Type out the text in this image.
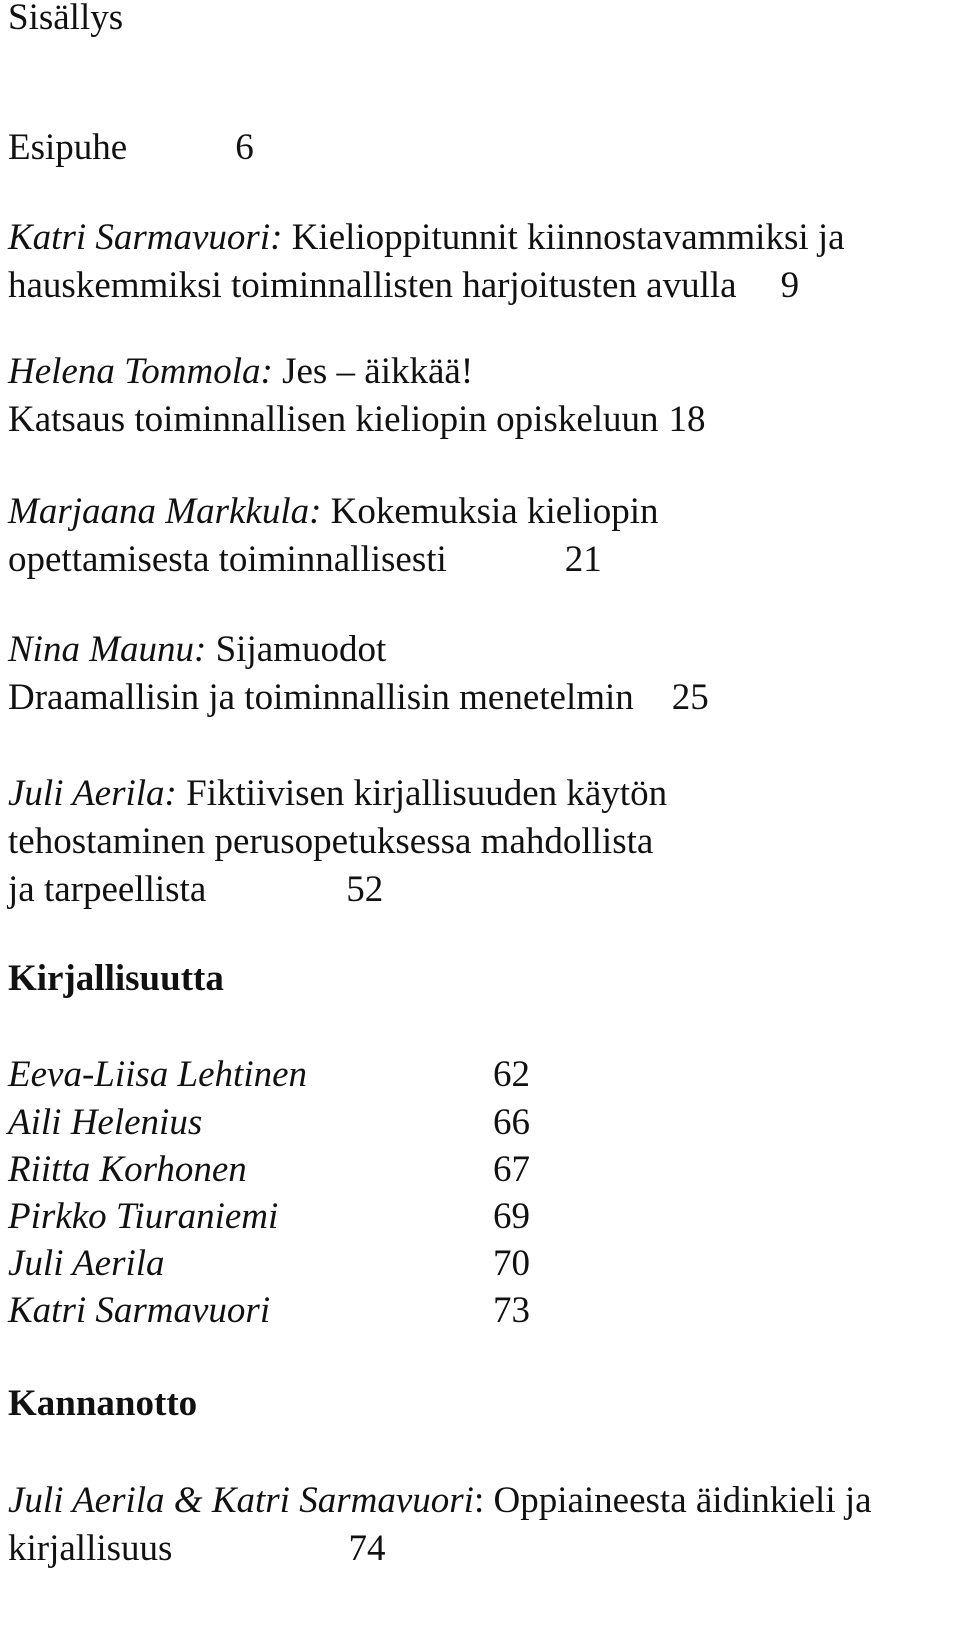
Sisällys
Esipuhe	6
Katri Sarmavuori: Kielioppitunnit kiinnostavammiksi ja
hauskemmiksi toiminnallisten harjoitusten avulla 9
Helena Tommola: Jes – äikkää!
Katsaus toiminnallisen kieliopin opiskeluun 18
Marjaana Markkula: Kokemuksia kieliopin
opettamisesta toiminnallisesti	21
Nina Maunu: Sijamuodot
Draamallisin ja toiminnallisin menetelmin 25
Juli Aerila: Fiktiivisen kirjallisuuden käytön
tehostaminen perusopetuksessa mahdollista
ja tarpeellista	52
Kirjallisuutta
Eeva-Liisa Lehtinen	62
Aili Helenius	66
Riitta Korhonen	67
Pirkko Tiuraniemi	69
Juli Aerila	70
Katri Sarmavuori	73
Kannanotto
Juli Aerila & Katri Sarmavuori: Oppiaineesta äidinkieli ja
kirjallisuus	74
